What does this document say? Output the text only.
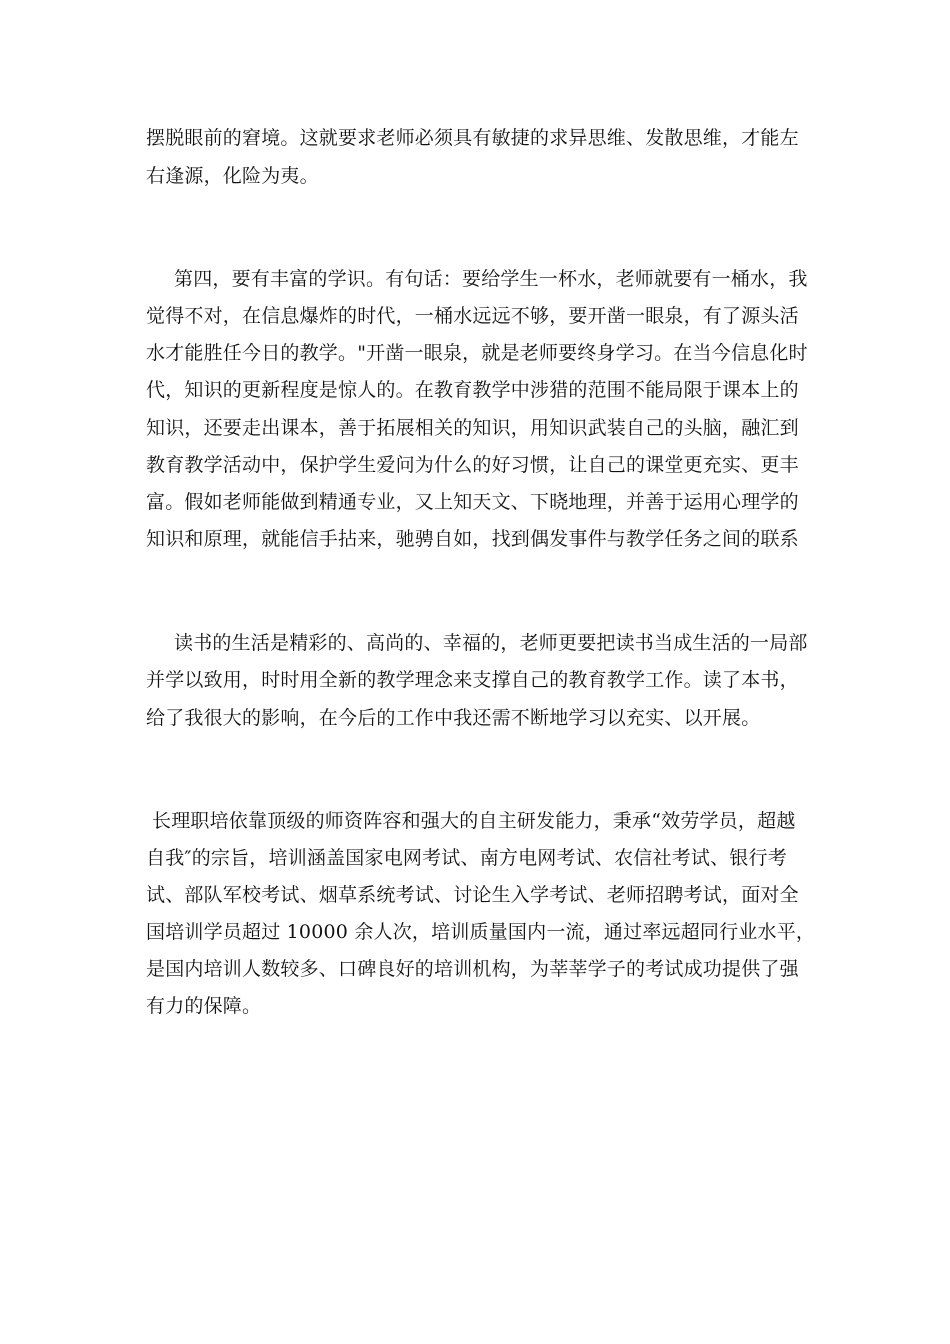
摆脱眼前的窘境。这就要求老师必须具有敏捷的求异思维、发散思维，才能左
右逢源，化险为夷。
第四，要有丰富的学识。有句话：要给学生一杯水，老师就要有一桶水，我
觉得不对，在信息爆炸的时代，一桶水远远不够，要开凿一眼泉，有了源头活
水才能胜任今日的教学。"开凿一眼泉，就是老师要终身学习。在当今信息化时
代，知识的更新程度是惊人的。在教育教学中涉猎的范围不能局限于课本上的
知识，还要走出课本，善于拓展相关的知识，用知识武装自己的头脑，融汇到
教育教学活动中，保护学生爱问为什么的好习惯，让自己的课堂更充实、更丰
富。假如老师能做到精通专业，又上知天文、下晓地理，并善于运用心理学的
知识和原理，就能信手拈来，驰骋自如，找到偶发事件与教学任务之间的联系
读书的生活是精彩的、高尚的、幸福的，老师更要把读书当成生活的一局部
并学以致用，时时用全新的教学理念来支撑自己的教育教学工作。读了本书，
给了我很大的影响，在今后的工作中我还需不断地学习以充实、以开展。
长理职培依靠顶级的师资阵容和强大的自主研发能力，秉承“效劳学员，超越
自我″的宗旨，培训涵盖国家电网考试、南方电网考试、农信社考试、银行考
试、部队军校考试、烟草系统考试、讨论生入学考试、老师招聘考试，面对全
国培训学员超过 10000 余人次，培训质量国内一流，通过率远超同行业水平，
是国内培训人数较多、口碑良好的培训机构，为莘莘学子的考试成功提供了强
有力的保障。
